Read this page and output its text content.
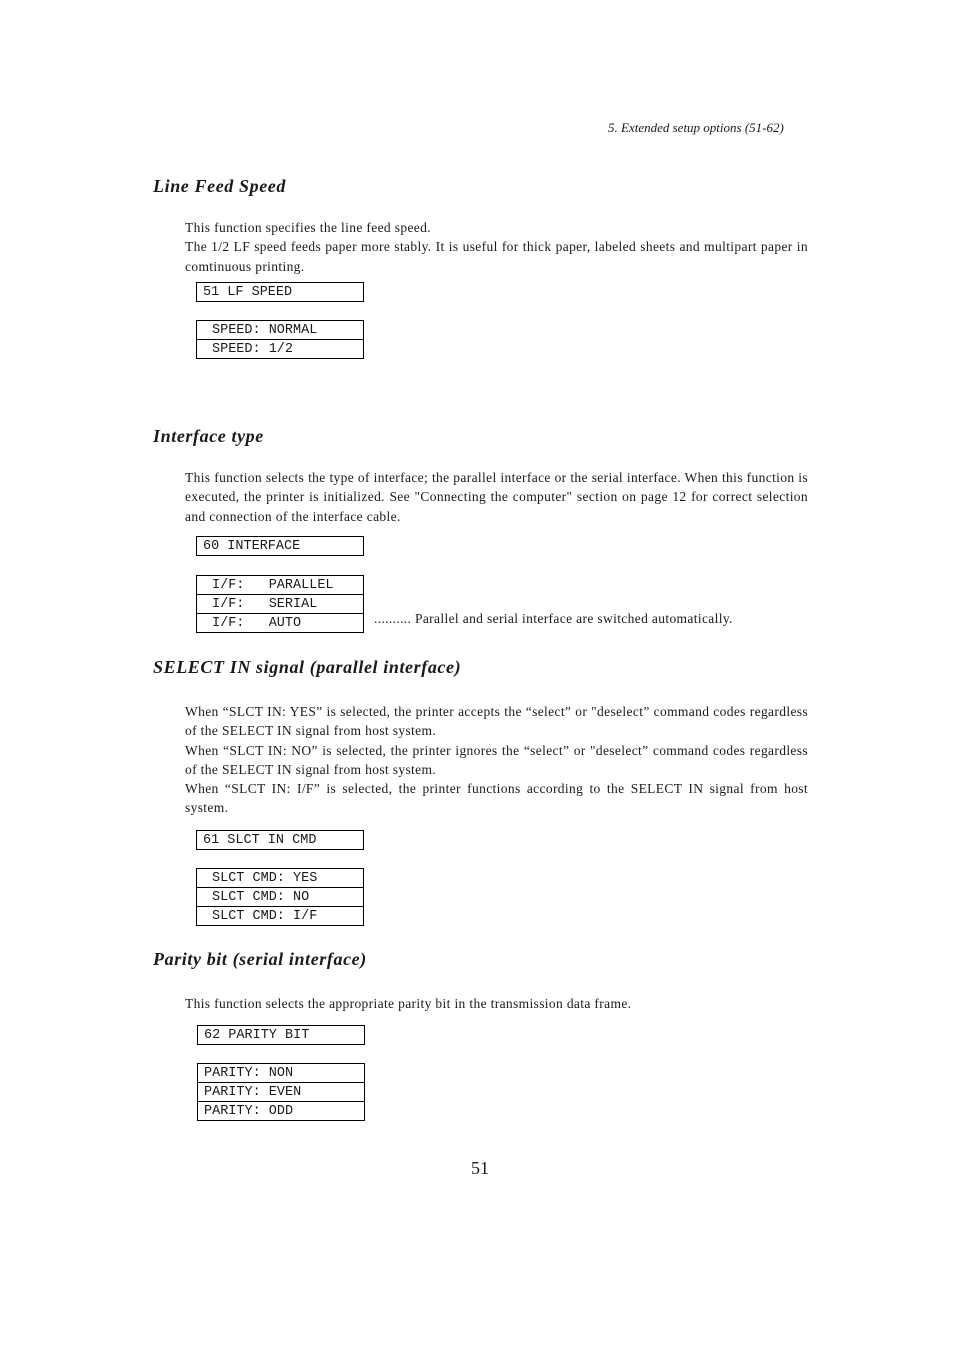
5. Extended setup options (51-62)
Line Feed Speed

This function specifies the line feed speed.

The 1/2 LF speed feeds paper more stably. It is useful for thick paper, labeled sheets and multipart paper in comtinuous printing.

51 LF SPEED
SPEED: NORMAL
SPEED: 1/2
Interface type

This function selects the type of interface; the parallel interface or the serial interface. When this function is executed, the printer is initialized. See "Connecting the computer" section on page 12 for correct selection and connection of the interface cable.

60 INTERFACE
I/F:   PARALLEL
I/F:   SERIAL
I/F:   AUTO	.......... Parallel and serial interface are switched automatically.
SELECT IN signal (parallel interface)

When “SLCT IN: YES” is selected, the printer accepts the “select” or "deselect” command codes regardless of the SELECT IN signal from host system.

When “SLCT IN: NO” is selected, the printer ignores the “select” or "deselect” command codes regardless of the SELECT IN signal from host system.

When “SLCT IN: I/F” is selected, the printer functions according to the SELECT IN signal from host system.

61 SLCT IN CMD
SLCT CMD: YES
SLCT CMD: NO
SLCT CMD: I/F
Parity bit (serial interface)

This function selects the appropriate parity bit in the transmission data frame.

62 PARITY BIT
PARITY: NON
PARITY: EVEN
PARITY: ODD
51
